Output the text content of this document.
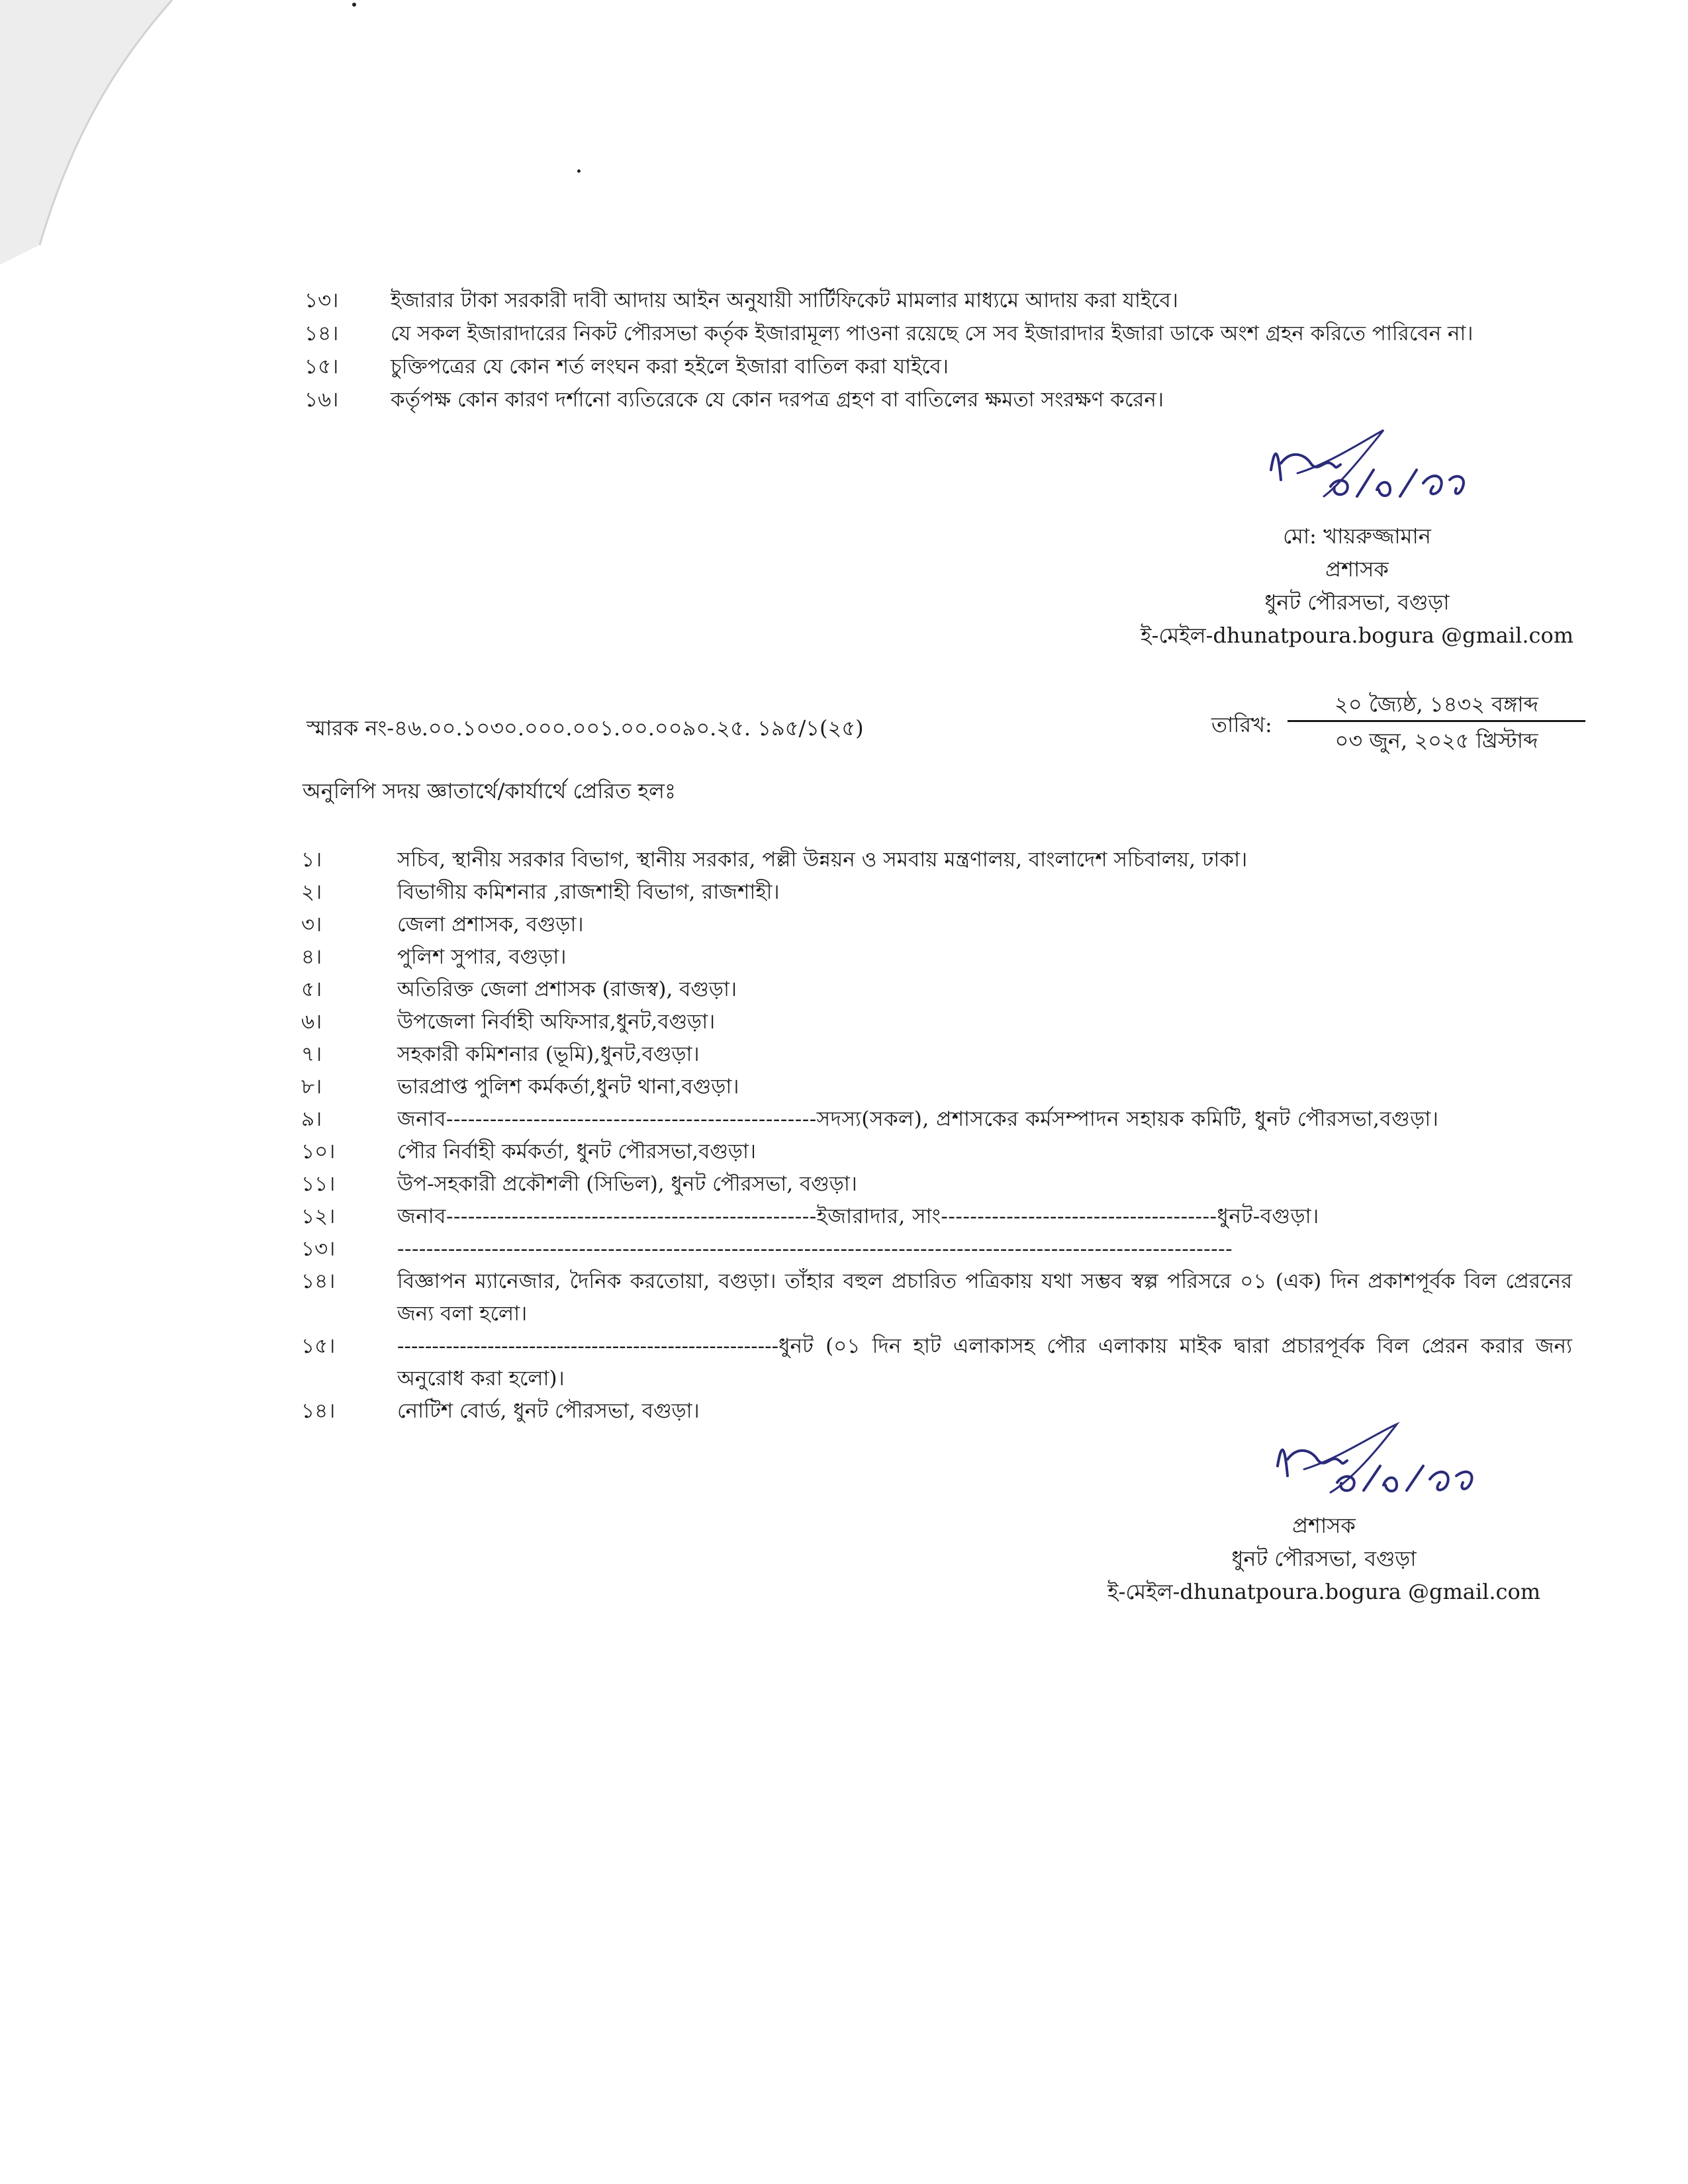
১৩।	ইজারার টাকা সরকারী দাবী আদায় আইন অনুযায়ী সার্টিফিকেট মামলার মাধ্যমে আদায় করা যাইবে।
১৪।	যে সকল ইজারাদারের নিকট পৌরসভা কর্তৃক ইজারামূল্য পাওনা রয়েছে সে সব ইজারাদার ইজারা ডাকে অংশ গ্রহন করিতে পারিবেন না।
১৫।	চুক্তিপত্রের যে কোন শর্ত লংঘন করা হইলে ইজারা বাতিল করা যাইবে।
১৬।	কর্তৃপক্ষ কোন কারণ দর্শানো ব্যতিরেকে যে কোন দরপত্র গ্রহণ বা বাতিলের ক্ষমতা সংরক্ষণ করেন।
মো: খায়রুজ্জামান
প্রশাসক
ধুনট পৌরসভা, বগুড়া
ই-মেইল-dhunatpoura.bogura @gmail.com
স্মারক নং-৪৬.০০.১০৩০.০০০.০০১.০০.০০৯০.২৫. ১৯৫/১(২৫)	তারিখ:
২০ জ্যৈষ্ঠ, ১৪৩২ বঙ্গাব্দ
০৩ জুন, ২০২৫ খ্রিস্টাব্দ
অনুলিপি সদয় জ্ঞাতার্থে/কার্যার্থে প্রেরিত হলঃ
১।	সচিব, স্থানীয় সরকার বিভাগ, স্থানীয় সরকার, পল্লী উন্নয়ন ও সমবায় মন্ত্রণালয়, বাংলাদেশ সচিবালয়, ঢাকা।
২।	বিভাগীয় কমিশনার ,রাজশাহী বিভাগ, রাজশাহী।
৩।	জেলা প্রশাসক, বগুড়া।
৪।	পুলিশ সুপার, বগুড়া।
৫।	অতিরিক্ত জেলা প্রশাসক (রাজস্ব), বগুড়া।
৬।	উপজেলা নির্বাহী অফিসার,ধুনট,বগুড়া।
৭।	সহকারী কমিশনার (ভূমি),ধুনট,বগুড়া।
৮।	ভারপ্রাপ্ত পুলিশ কর্মকর্তা,ধুনট থানা,বগুড়া।
৯।	জনাব---------------------------------------------------সদস্য(সকল), প্রশাসকের কর্মসম্পাদন সহায়ক কমিটি, ধুনট পৌরসভা,বগুড়া।
১০।	পৌর নির্বাহী কর্মকর্তা, ধুনট পৌরসভা,বগুড়া।
১১।	উপ-সহকারী প্রকৌশলী (সিভিল), ধুনট পৌরসভা, বগুড়া।
১২।	জনাব---------------------------------------------------ইজারাদার, সাং--------------------------------------ধুনট-বগুড়া।
১৩।	-------------------------------------------------------------------------------------------------------------------
১৪।	বিজ্ঞাপন ম্যানেজার, দৈনিক করতোয়া, বগুড়া। তাঁহার বহুল প্রচারিত পত্রিকায় যথা সম্ভব স্বল্প পরিসরে ০১ (এক) দিন প্রকাশপূর্বক বিল প্রেরনের জন্য বলা হলো।
১৫।	-------------------------------------------------------ধুনট (০১ দিন হাট এলাকাসহ পৌর এলাকায় মাইক দ্বারা প্রচারপূর্বক বিল প্রেরন করার জন্য অনুরোধ করা হলো)।
১৪।	নোটিশ বোর্ড, ধুনট পৌরসভা, বগুড়া।
প্রশাসক
ধুনট পৌরসভা, বগুড়া
ই-মেইল-dhunatpoura.bogura @gmail.com
